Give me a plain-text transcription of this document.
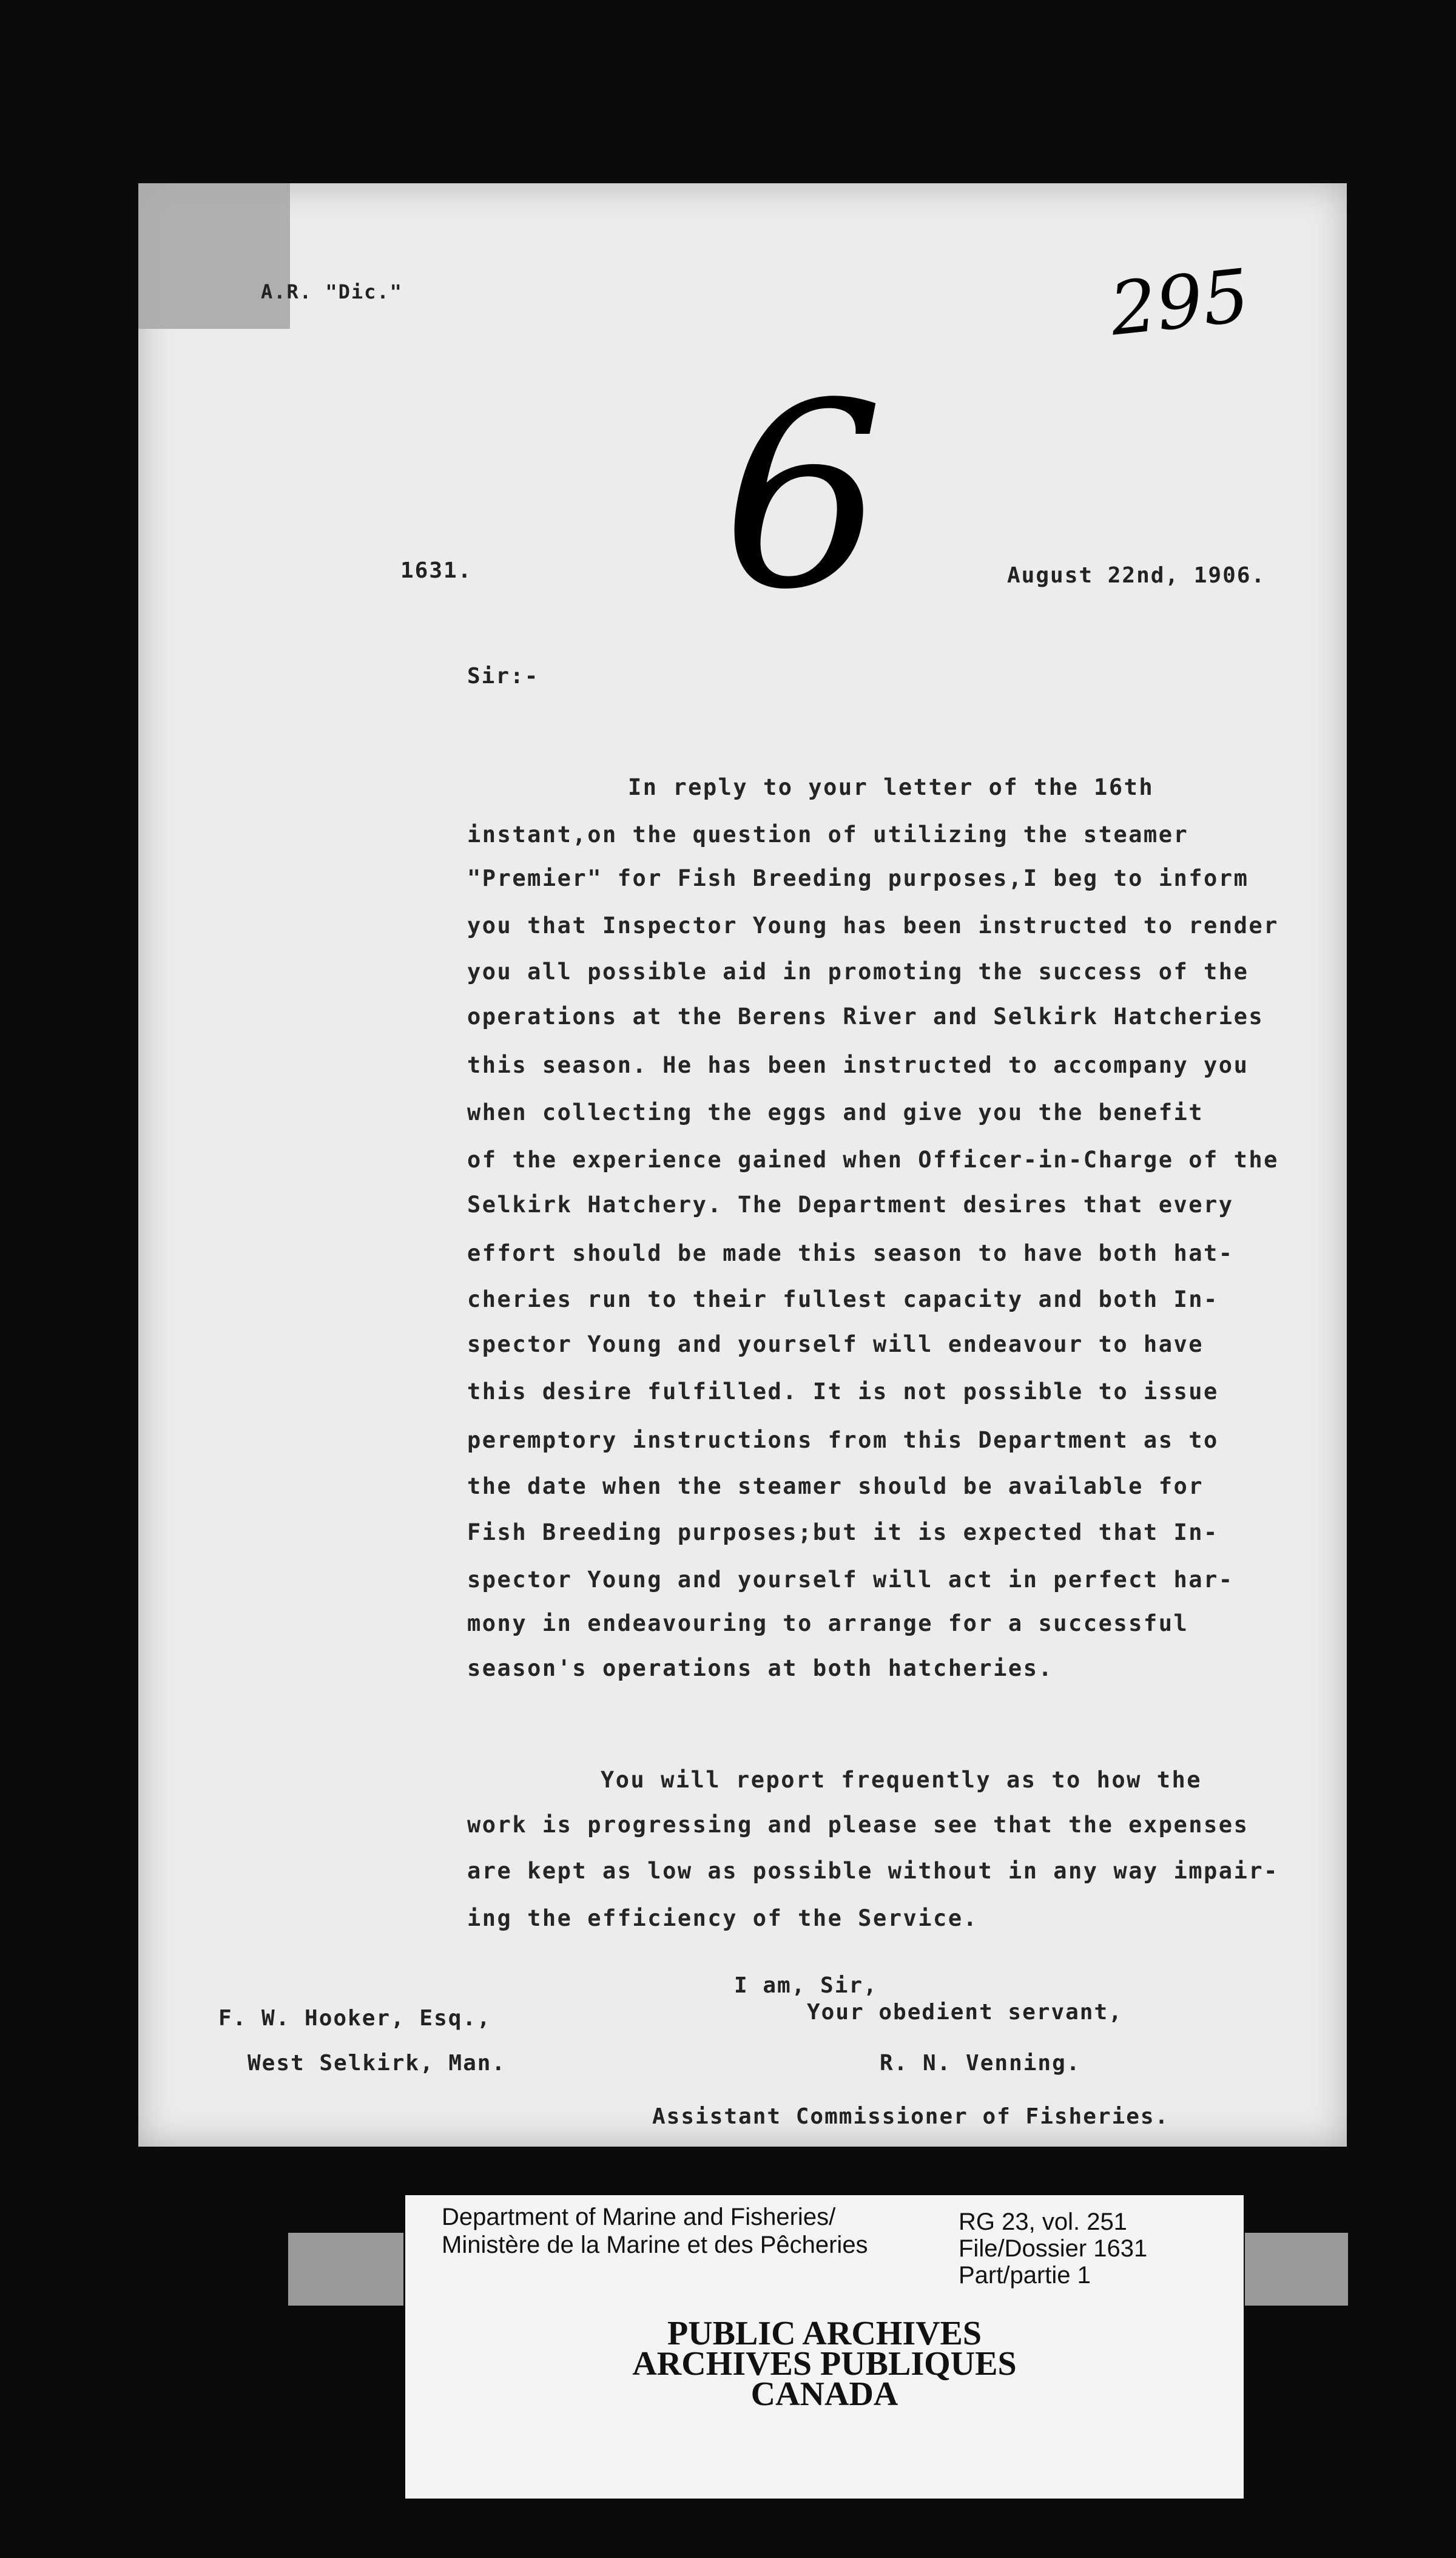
A.R. "Dic."	295
6
1631.	August 22nd, 1906.
Sir:-
In reply to your letter of the 16th
instant,on the question of utilizing the steamer
"Premier" for Fish Breeding purposes,I beg to inform
you that Inspector Young has been instructed to render
you all possible aid in promoting the success of the
operations at the Berens River and Selkirk Hatcheries
this season. He has been instructed to accompany you
when collecting the eggs and give you the benefit
of the experience gained when Officer-in-Charge of the
Selkirk Hatchery. The Department desires that every
effort should be made this season to have both hat-
cheries run to their fullest capacity and both In-
spector Young and yourself will endeavour to have
this desire fulfilled. It is not possible to issue
peremptory instructions from this Department as to
the date when the steamer should be available for
Fish Breeding purposes;but it is expected that In-
spector Young and yourself will act in perfect har-
mony in endeavouring to arrange for a successful
season's operations at both hatcheries.
You will report frequently as to how the
work is progressing and please see that the expenses
are kept as low as possible without in any way impair-
ing the efficiency of the Service.
I am, Sir,
Your obedient servant,
F. W. Hooker, Esq.,
West Selkirk, Man.	R. N. Venning.
Assistant Commissioner of Fisheries.
Department of Marine and Fisheries/
Ministère de la Marine et des Pêcheries
RG 23, vol. 251
File/Dossier 1631
Part/partie 1
PUBLIC ARCHIVES
ARCHIVES PUBLIQUES
CANADA
